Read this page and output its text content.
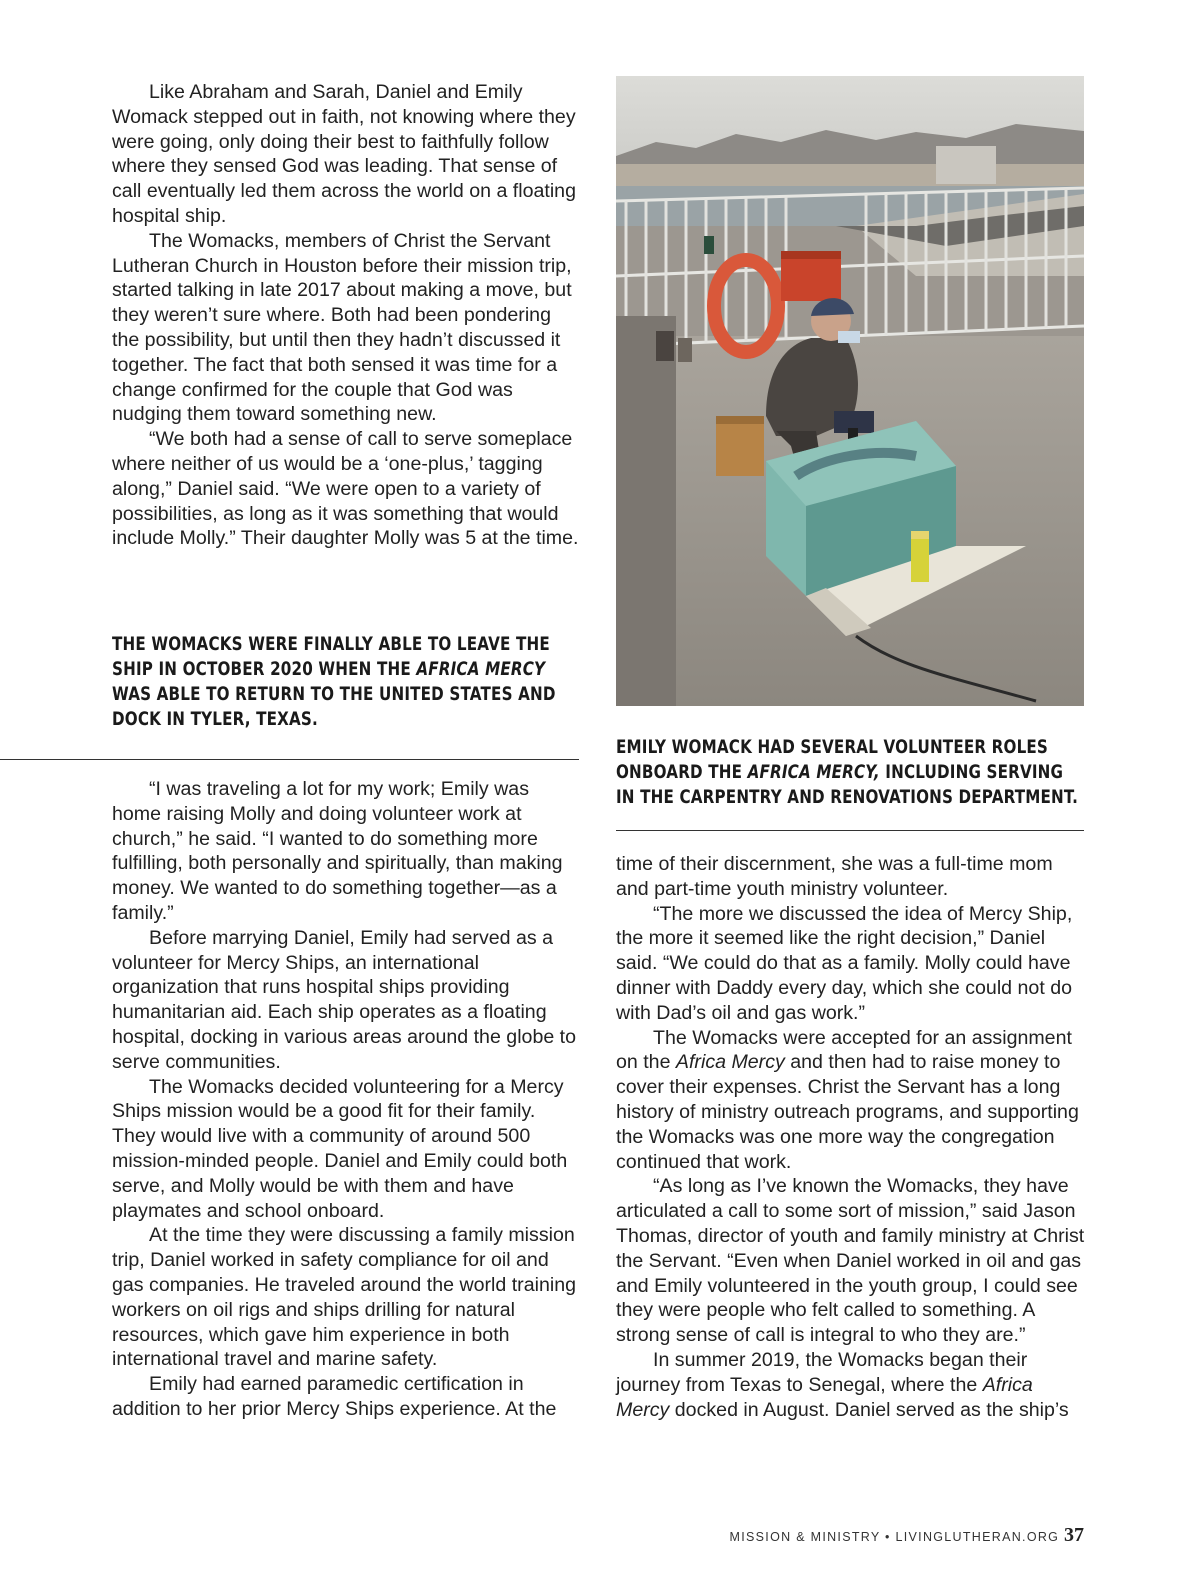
Like Abraham and Sarah, Daniel and Emily Womack stepped out in faith, not knowing where they were going, only doing their best to faithfully follow where they sensed God was leading. That sense of call eventually led them across the world on a floating hospital ship.

The Womacks, members of Christ the Servant Lutheran Church in Houston before their mission trip, started talking in late 2017 about making a move, but they weren’t sure where. Both had been pondering the possibility, but until then they hadn’t discussed it together. The fact that both sensed it was time for a change confirmed for the couple that God was nudging them toward something new.

“We both had a sense of call to serve someplace where neither of us would be a ‘one-plus,’ tagging along,” Daniel said. “We were open to a variety of possibilities, as long as it was something that would include Molly.” Their daughter Molly was 5 at the time.

THE WOMACKS WERE FINALLY ABLE TO LEAVE THE SHIP IN OCTOBER 2020 WHEN THE AFRICA MERCY WAS ABLE TO RETURN TO THE UNITED STATES AND DOCK IN TYLER, TEXAS.

“I was traveling a lot for my work; Emily was home raising Molly and doing volunteer work at church,” he said. “I wanted to do something more fulfilling, both personally and spiritually, than making money. We wanted to do something together—as a family.”

Before marrying Daniel, Emily had served as a volunteer for Mercy Ships, an international organization that runs hospital ships providing humanitarian aid. Each ship operates as a floating hospital, docking in various areas around the globe to serve communities.

The Womacks decided volunteering for a Mercy Ships mission would be a good fit for their family. They would live with a community of around 500 mission-minded people. Daniel and Emily could both serve, and Molly would be with them and have playmates and school onboard.

At the time they were discussing a family mission trip, Daniel worked in safety compliance for oil and gas companies. He traveled around the world training workers on oil rigs and ships drilling for natural resources, which gave him experience in both international travel and marine safety.

Emily had earned paramedic certification in addition to her prior Mercy Ships experience. At the

EMILY WOMACK HAD SEVERAL VOLUNTEER ROLES ONBOARD THE AFRICA MERCY, INCLUDING SERVING IN THE CARPENTRY AND RENOVATIONS DEPARTMENT.

time of their discernment, she was a full-time mom and part-time youth ministry volunteer.

“The more we discussed the idea of Mercy Ship, the more it seemed like the right decision,” Daniel said. “We could do that as a family. Molly could have dinner with Daddy every day, which she could not do with Dad’s oil and gas work.”

The Womacks were accepted for an assignment on the Africa Mercy and then had to raise money to cover their expenses. Christ the Servant has a long history of ministry outreach programs, and supporting the Womacks was one more way the congregation continued that work.

“As long as I’ve known the Womacks, they have articulated a call to some sort of mission,” said Jason Thomas, director of youth and family ministry at Christ the Servant. “Even when Daniel worked in oil and gas and Emily volunteered in the youth group, I could see they were people who felt called to something. A strong sense of call is integral to who they are.”

In summer 2019, the Womacks began their journey from Texas to Senegal, where the Africa Mercy docked in August. Daniel served as the ship’s

MISSION & MINISTRY • LIVINGLUTHERAN.ORG 37
